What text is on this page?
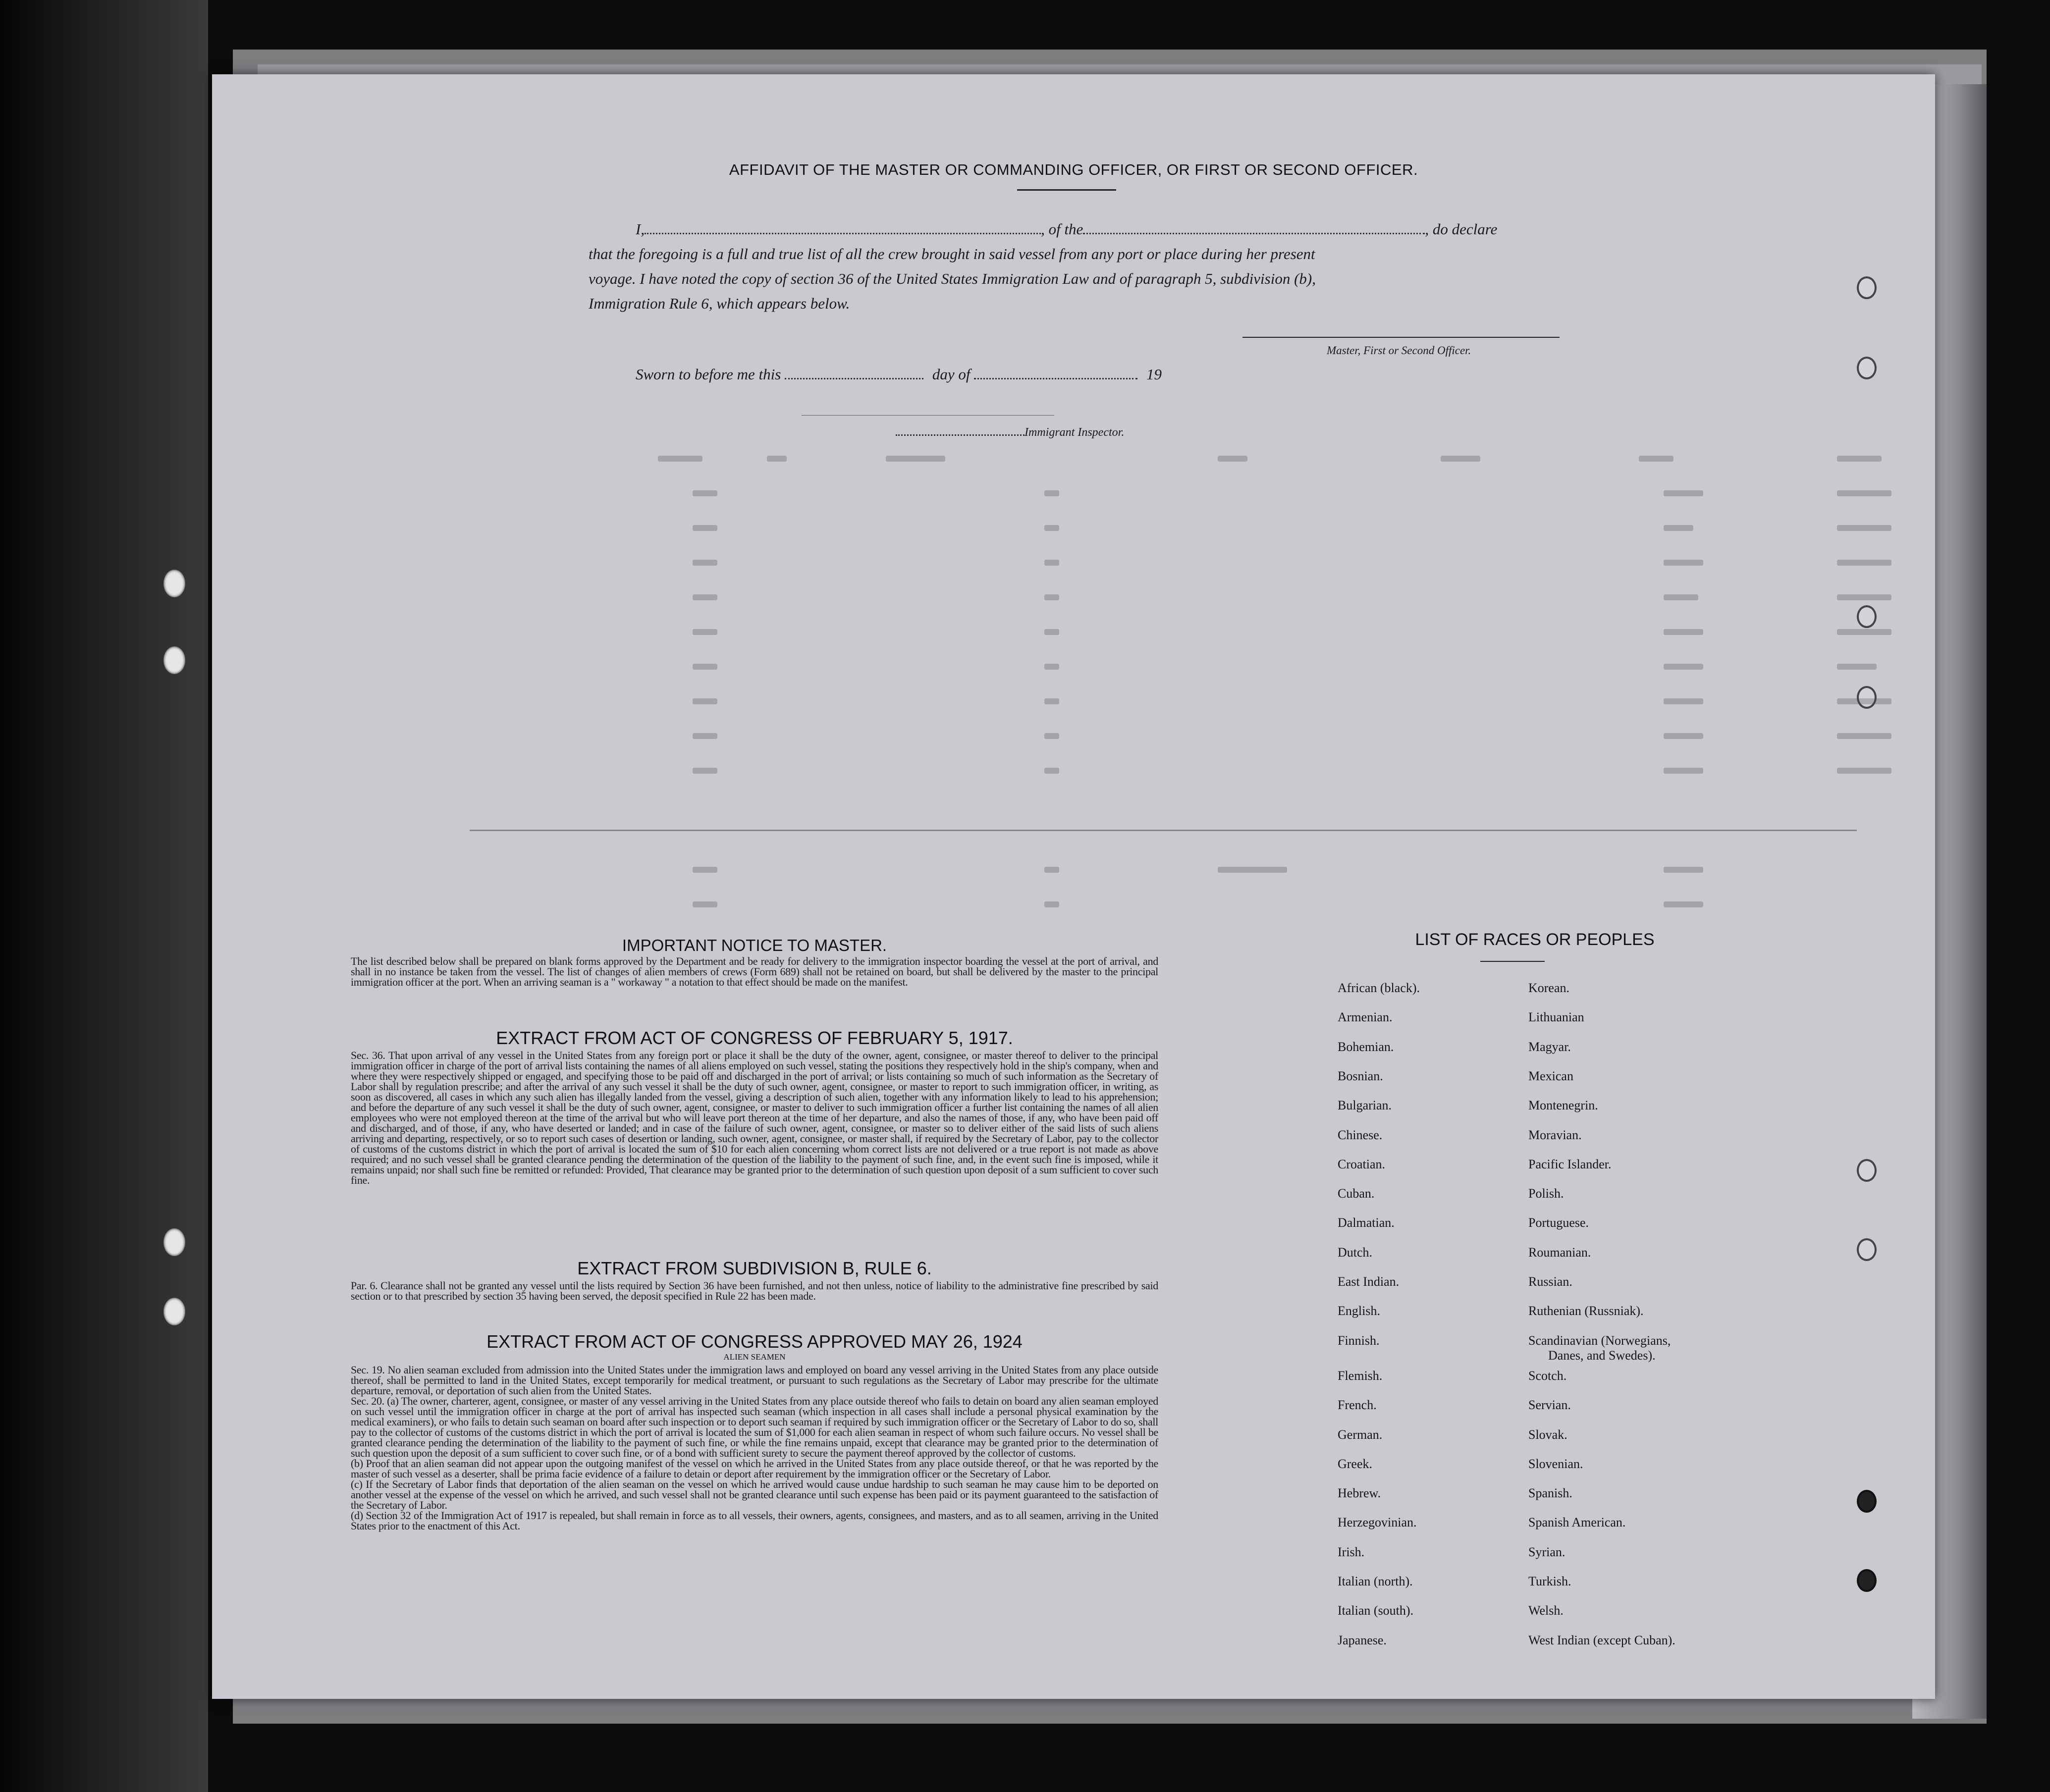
AFFIDAVIT OF THE MASTER OR COMMANDING OFFICER, OR FIRST OR SECOND OFFICER.
I,	, of the	, do declare
that the foregoing is a full and true list of all the crew brought in said vessel from any port or place during her present
voyage. I have noted the copy of section 36 of the United States Immigration Law and of paragraph 5, subdivision (b),
Immigration Rule 6, which appears below.
Master, First or Second Officer.
Sworn to before me this	day of	19
Immigrant Inspector.
IMPORTANT NOTICE TO MASTER.
The list described below shall be prepared on blank forms approved by the Department and be ready for delivery to the immigration inspector boarding the vessel at the port of arrival, and shall in no instance be taken from the vessel. The list of changes of alien members of crews (Form 689) shall not be retained on board, but shall be delivered by the master to the principal immigration officer at the port. When an arriving seaman is a " workaway " a notation to that effect should be made on the manifest.
EXTRACT FROM ACT OF CONGRESS OF FEBRUARY 5, 1917.
Sec. 36. That upon arrival of any vessel in the United States from any foreign port or place it shall be the duty of the owner, agent, consignee, or master thereof to deliver to the principal immigration officer in charge of the port of arrival lists containing the names of all aliens employed on such vessel, stating the positions they respectively hold in the ship's company, when and where they were respectively shipped or engaged, and specifying those to be paid off and discharged in the port of arrival; or lists containing so much of such information as the Secretary of Labor shall by regulation prescribe; and after the arrival of any such vessel it shall be the duty of such owner, agent, consignee, or master to report to such immigration officer, in writing, as soon as discovered, all cases in which any such alien has illegally landed from the vessel, giving a description of such alien, together with any information likely to lead to his apprehension; and before the departure of any such vessel it shall be the duty of such owner, agent, consignee, or master to deliver to such immigration officer a further list containing the names of all alien employees who were not employed thereon at the time of the arrival but who will leave port thereon at the time of her departure, and also the names of those, if any, who have been paid off and discharged, and of those, if any, who have deserted or landed; and in case of the failure of such owner, agent, consignee, or master so to deliver either of the said lists of such aliens arriving and departing, respectively, or so to report such cases of desertion or landing, such owner, agent, consignee, or master shall, if required by the Secretary of Labor, pay to the collector of customs of the customs district in which the port of arrival is located the sum of $10 for each alien concerning whom correct lists are not delivered or a true report is not made as above required; and no such vessel shall be granted clearance pending the determination of the question of the liability to the payment of such fine, and, in the event such fine is imposed, while it remains unpaid; nor shall such fine be remitted or refunded: Provided, That clearance may be granted prior to the determination of such question upon deposit of a sum sufficient to cover such fine.
EXTRACT FROM SUBDIVISION B, RULE 6.
Par. 6. Clearance shall not be granted any vessel until the lists required by Section 36 have been furnished, and not then unless, notice of liability to the administrative fine prescribed by said section or to that prescribed by section 35 having been served, the deposit specified in Rule 22 has been made.
EXTRACT FROM ACT OF CONGRESS APPROVED MAY 26, 1924
ALIEN SEAMEN

Sec. 19. No alien seaman excluded from admission into the United States under the immigration laws and employed on board any vessel arriving in the United States from any place outside thereof, shall be permitted to land in the United States, except temporarily for medical treatment, or pursuant to such regulations as the Secretary of Labor may prescribe for the ultimate departure, removal, or deportation of such alien from the United States.

Sec. 20. (a) The owner, charterer, agent, consignee, or master of any vessel arriving in the United States from any place outside thereof who fails to detain on board any alien seaman employed on such vessel until the immigration officer in charge at the port of arrival has inspected such seaman (which inspection in all cases shall include a personal physical examination by the medical examiners), or who fails to detain such seaman on board after such inspection or to deport such seaman if required by such immigration officer or the Secretary of Labor to do so, shall pay to the collector of customs of the customs district in which the port of arrival is located the sum of $1,000 for each alien seaman in respect of whom such failure occurs. No vessel shall be granted clearance pending the determination of the liability to the payment of such fine, or while the fine remains unpaid, except that clearance may be granted prior to the determination of such question upon the deposit of a sum sufficient to cover such fine, or of a bond with sufficient surety to secure the payment thereof approved by the collector of customs.

(b) Proof that an alien seaman did not appear upon the outgoing manifest of the vessel on which he arrived in the United States from any place outside thereof, or that he was reported by the master of such vessel as a deserter, shall be prima facie evidence of a failure to detain or deport after requirement by the immigration officer or the Secretary of Labor.

(c) If the Secretary of Labor finds that deportation of the alien seaman on the vessel on which he arrived would cause undue hardship to such seaman he may cause him to be deported on another vessel at the expense of the vessel on which he arrived, and such vessel shall not be granted clearance until such expense has been paid or its payment guaranteed to the satisfaction of the Secretary of Labor.

(d) Section 32 of the Immigration Act of 1917 is repealed, but shall remain in force as to all vessels, their owners, agents, consignees, and masters, and as to all seamen, arriving in the United States prior to the enactment of this Act.

LIST OF RACES OR PEOPLES
African (black).	Korean.
Armenian.	Lithuanian
Bohemian.	Magyar.
Bosnian.	Mexican
Bulgarian.	Montenegrin.
Chinese.	Moravian.
Croatian.	Pacific Islander.
Cuban.	Polish.
Dalmatian.	Portuguese.
Dutch.	Roumanian.
East Indian.	Russian.
English.	Ruthenian (Russniak).
Finnish.	Scandinavian (Norwegians,
Danes, and Swedes).
Flemish.	Scotch.
French.	Servian.
German.	Slovak.
Greek.	Slovenian.
Hebrew.	Spanish.
Herzegovinian.	Spanish American.
Irish.	Syrian.
Italian (north).	Turkish.
Italian (south).	Welsh.
Japanese.	West Indian (except Cuban).
